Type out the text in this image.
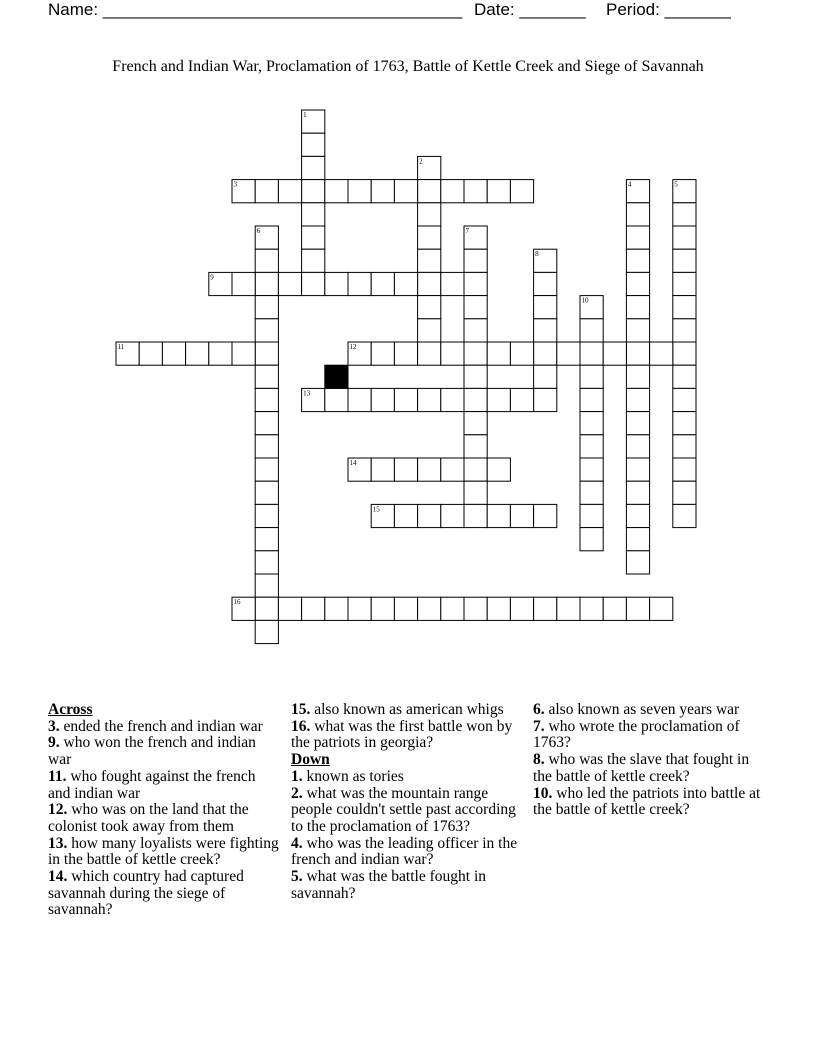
Name: ______________________________________ Date: _______ Period: _______
French and Indian War, Proclamation of 1763, Battle of Kettle Creek and Siege of Savannah
1
2
3	4	5
6	7
8
9
10
11	12
13
14
15
16

Across

3. ended the french and indian war

9. who won the french and indian war

11. who fought against the french and indian war

12. who was on the land that the colonist took away from them

13. how many loyalists were fighting in the battle of kettle creek?

14. which country had captured savannah during the siege of savannah?

15. also known as american whigs

16. what was the first battle won by the patriots in georgia?

Down

1. known as tories

2. what was the mountain range people couldn't settle past according to the proclamation of 1763?

4. who was the leading officer in the french and indian war?

5. what was the battle fought in savannah?

6. also known as seven years war

7. who wrote the proclamation of 1763?

8. who was the slave that fought in the battle of kettle creek?

10. who led the patriots into battle at the battle of kettle creek?
